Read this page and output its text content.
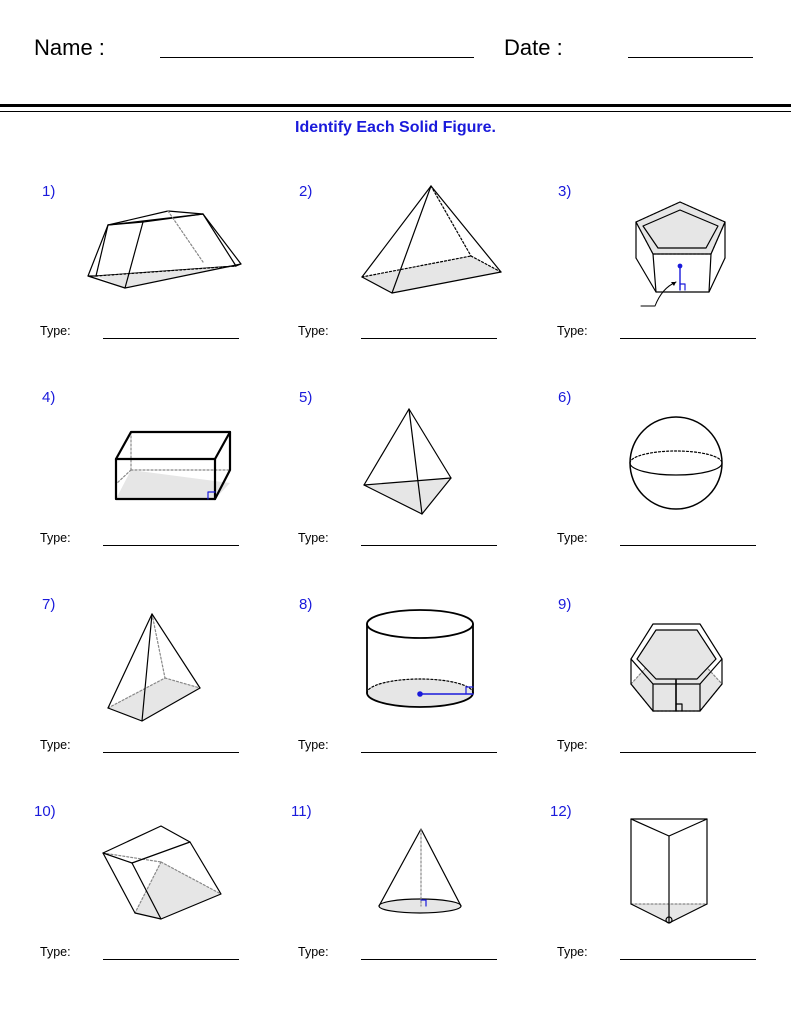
Name :	Date :
Identify Each Solid Figure.
1)	2)	3)
4)	5)	6)
7)	8)	9)
10)	11)	12)
Type:	Type:	Type:
Type:	Type:	Type:
Type:	Type:	Type:
Type:	Type:	Type:
